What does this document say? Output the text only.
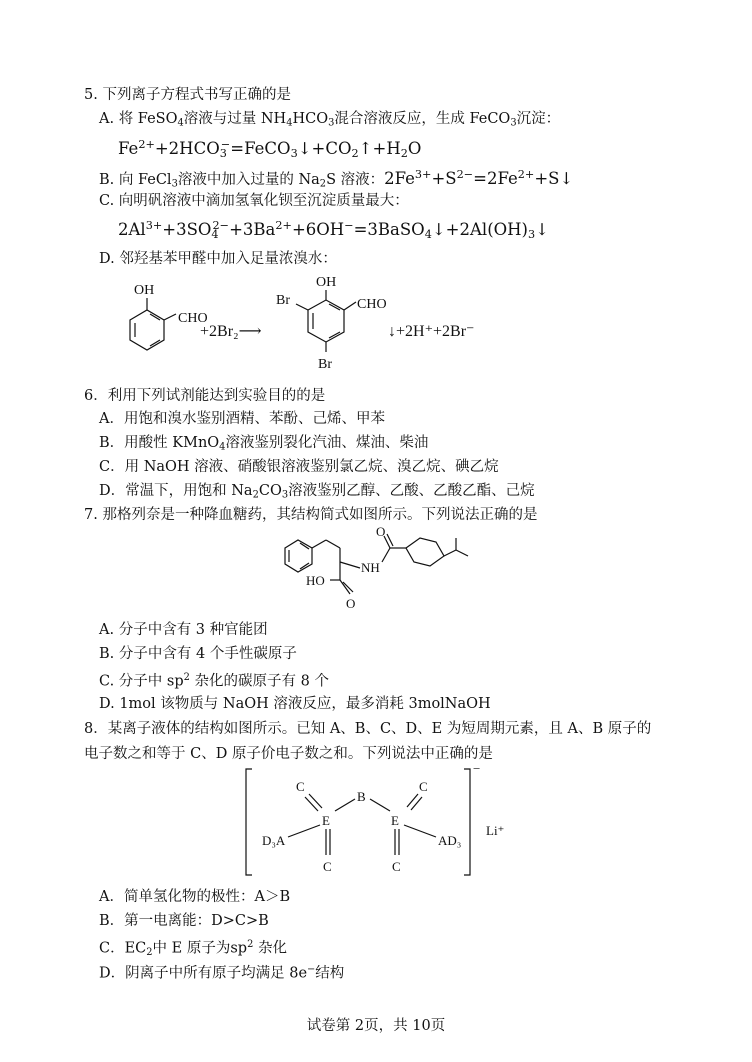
5. 下列离子方程式书写正确的是
A. 将 FeSO$_4$溶液与过量 $NH_4HCO_3$混合溶液反应，生成 FeCO$_3$沉淀：
$Fe^{2+}+2HCO_3^-=FeCO_3↓+CO_2↑+H_2O$
B. 向 FeCl$_3$溶液中加入过量的 $Na_2S$ 溶液：$2Fe^{3+}+S^{2-}=2Fe^{2+}+S↓$
C. 向明矾溶液中滴加氢氧化钡至沉淀质量最大：
$2Al^{3+}+3SO_4^{2-}+3Ba^{2+}+6OH^-=3BaSO_4↓+2Al(OH)_3↓$
D. 邻羟基苯甲醛中加入足量浓溴水：
OH
CHO
+2Br₂⟶
OH
Br	CHO
Br
↓+2H⁺+2Br⁻
6．利用下列试剂能达到实验目的的是
A．用饱和溴水鉴别酒精、苯酚、己烯、甲苯
B．用酸性 KMnO$_4$溶液鉴别裂化汽油、煤油、柴油
C．用 NaOH 溶液、硝酸银溶液鉴别氯乙烷、溴乙烷、碘乙烷
D．常温下，用饱和 $Na_2CO_3$溶液鉴别乙醇、乙酸、乙酸乙酯、己烷
7. 那格列奈是一种降血糖药，其结构简式如图所示。下列说法正确的是
O
NH
HO
O
A. 分子中含有 3 种官能团
B. 分子中含有 4 个手性碳原子
C. 分子中 $sp^2$ 杂化的碳原子有 8 个
D. 1mol 该物质与 NaOH 溶液反应，最多消耗 3molNaOH
8．某离子液体的结构如图所示。已知 A、B、C、D、E 为短周期元素，且 A、B 原子的
电子数之和等于 C、D 原子价电子数之和。下列说法中正确的是
C
B
C
E	E
D₃A	AD₃
C	C
−
Li⁺
A．简单氢化物的极性：A＞B
B．第一电离能：D>C>B
C．$EC_2$中 E 原子为$sp^2$ 杂化
D．阴离子中所有原子均满足 8e−结构
试卷第 2页，共 10页
